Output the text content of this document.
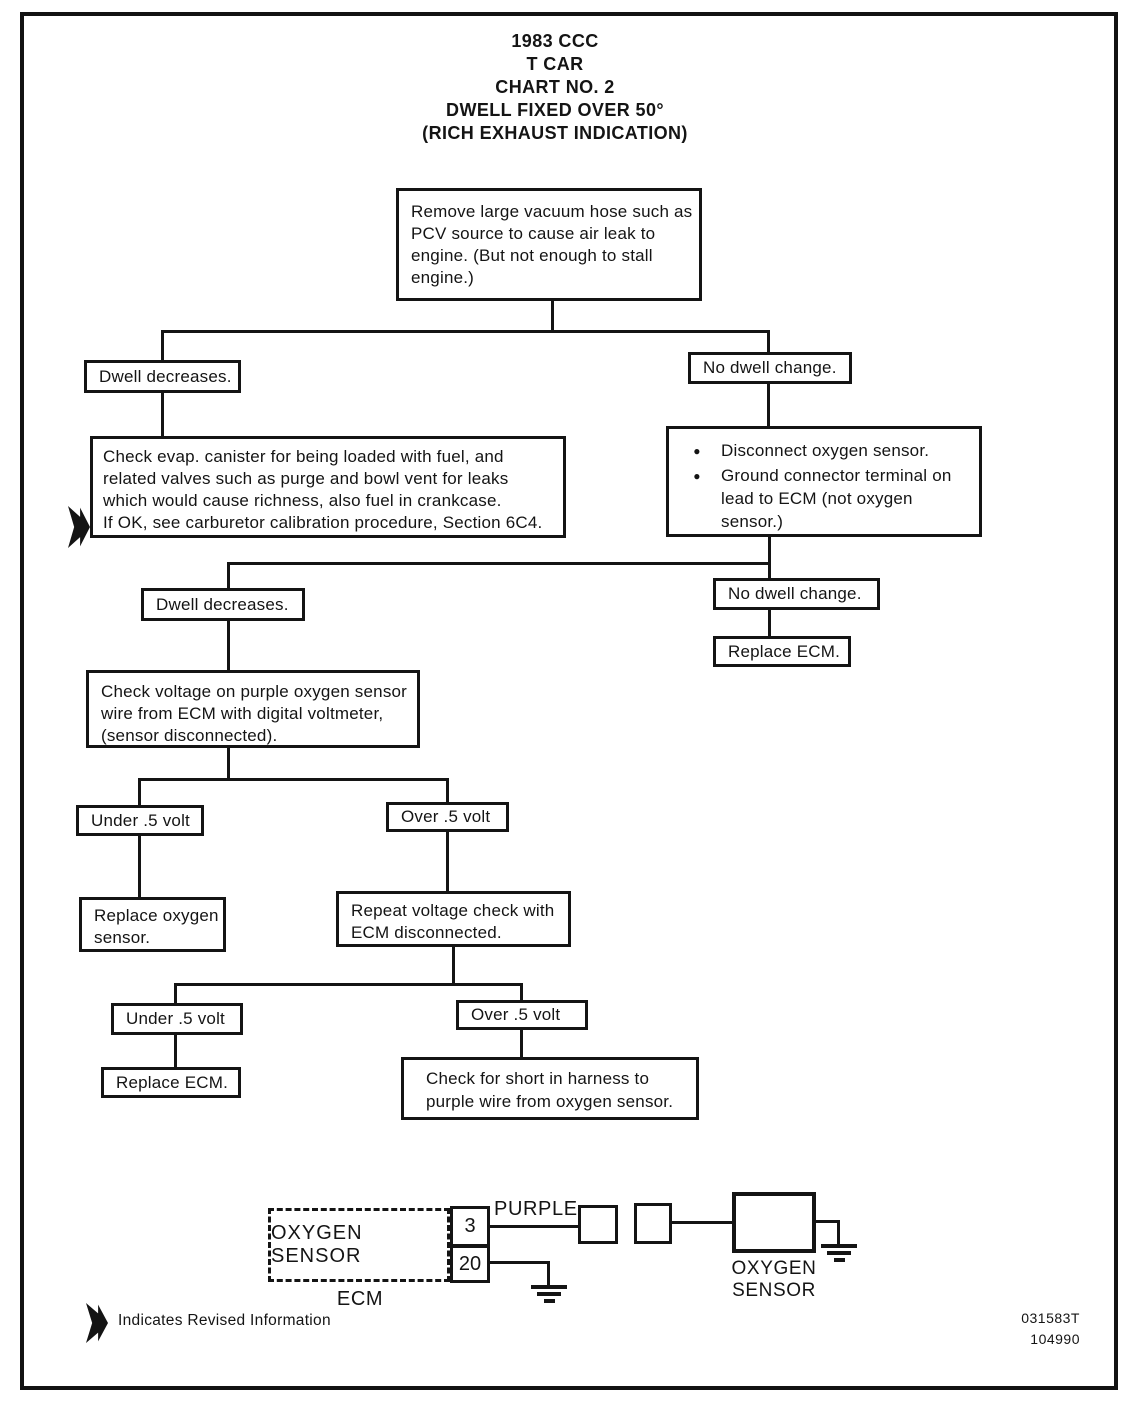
1983 CCC
T CAR
CHART NO. 2
DWELL FIXED OVER 50°
(RICH EXHAUST INDICATION)
Remove large vacuum hose such as
PCV source to cause air leak to
engine. (But not enough to stall
engine.)
Dwell decreases.	No dwell change.
Check evap. canister for being loaded with fuel, and
related valves such as purge and bowl vent for leaks
which would cause richness, also fuel in crankcase.
If OK, see carburetor calibration procedure, Section 6C4.
●
Disconnect oxygen sensor.
●
Ground connector terminal on lead to ECM (not oxygen sensor.)
Dwell decreases.
No dwell change.
Replace ECM.
Check voltage on purple oxygen sensor
wire from ECM with digital voltmeter,
(sensor disconnected).
Under .5 volt	Over .5 volt
Replace oxygen
sensor.
Repeat voltage check with
ECM disconnected.
Under .5 volt	Over .5 volt
Replace ECM.	Check for short in harness to
purple wire from oxygen sensor.
OXYGEN SENSOR
ECM
3
20
PURPLE
OXYGEN
SENSOR
Indicates Revised Information	031583T
104990
